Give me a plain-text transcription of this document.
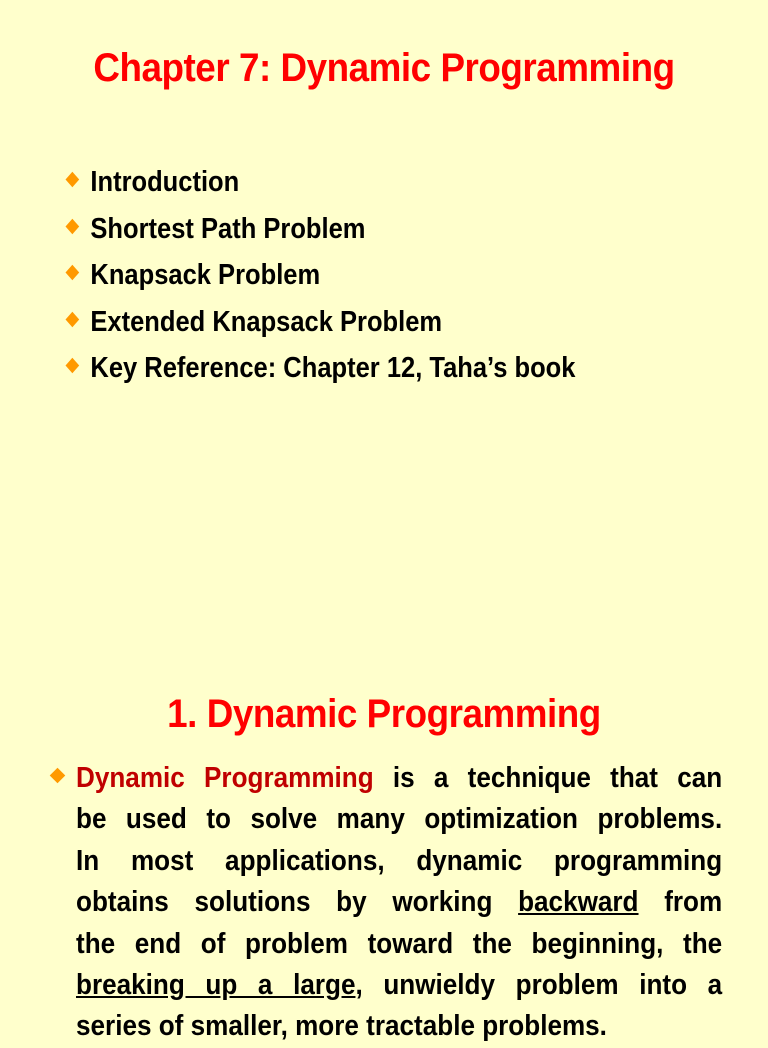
Chapter 7: Dynamic Programming
Introduction
Shortest Path Problem
Knapsack Problem
Extended Knapsack Problem
Key Reference: Chapter 12, Taha’s book
1. Dynamic Programming

Dynamic Programming is a technique that can
be used to solve many optimization problems.
In most applications, dynamic programming
obtains solutions by working backward from
the end of problem toward the beginning, the
breaking up a large, unwieldy problem into a
series of smaller, more tractable problems.
